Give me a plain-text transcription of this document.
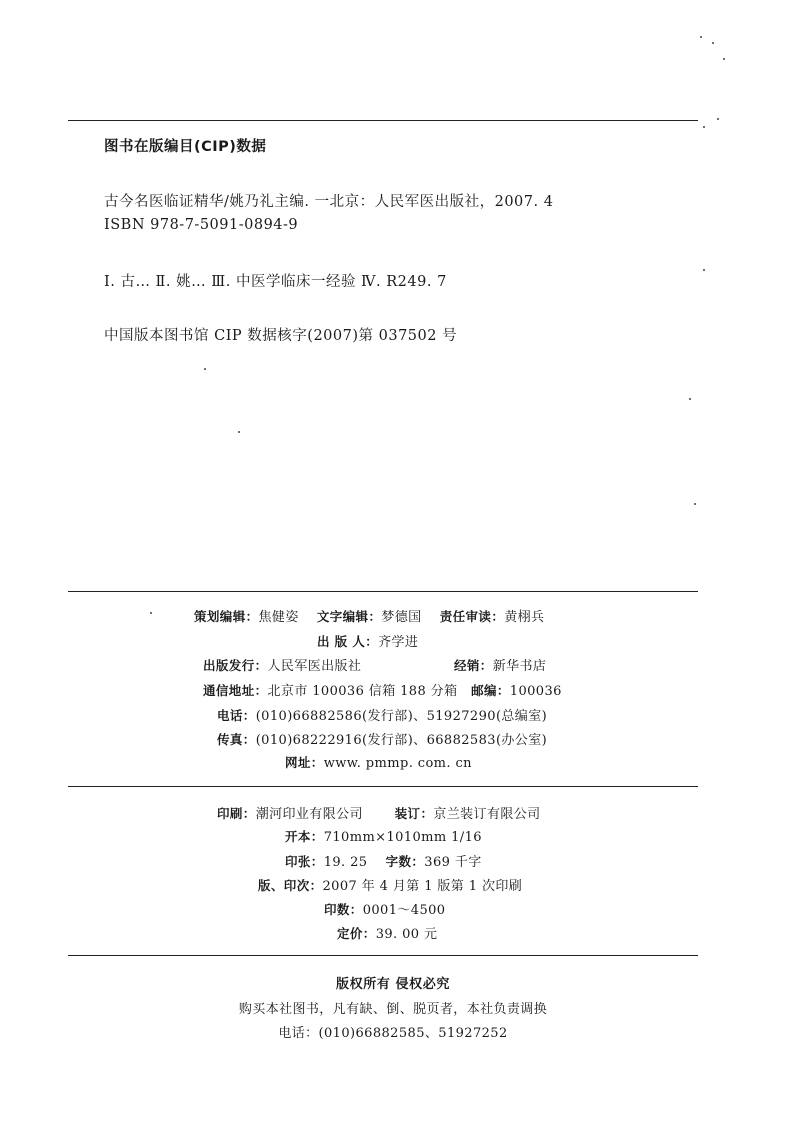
图书在版编目(CIP)数据
古今名医临证精华/姚乃礼主编. 一北京：人民军医出版社，2007. 4
ISBN 978-7-5091-0894-9
Ⅰ. 古… Ⅱ. 姚… Ⅲ. 中医学临床一经验 Ⅳ. R249. 7
中国版本图书馆 CIP 数据核字(2007)第 037502 号
策划编辑：焦健姿 文字编辑：梦德国 责任审读：黄栩兵
出 版 人：齐学进
出版发行：人民军医出版社	经销：新华书店
通信地址：北京市 100036 信箱 188 分箱 邮编：100036
电话：(010)66882586(发行部)、51927290(总编室)
传真：(010)68222916(发行部)、66882583(办公室)
网址：www. pmmp. com. cn
印刷：潮河印业有限公司	装订：京兰装订有限公司
开本：710mm×1010mm 1/16
印张：19. 25 字数：369 千字
版、印次：2007 年 4 月第 1 版第 1 次印刷
印数：0001～4500
定价：39. 00 元
版权所有 侵权必究
购买本社图书，凡有缺、倒、脱页者，本社负责调换
电话：(010)66882585、51927252
